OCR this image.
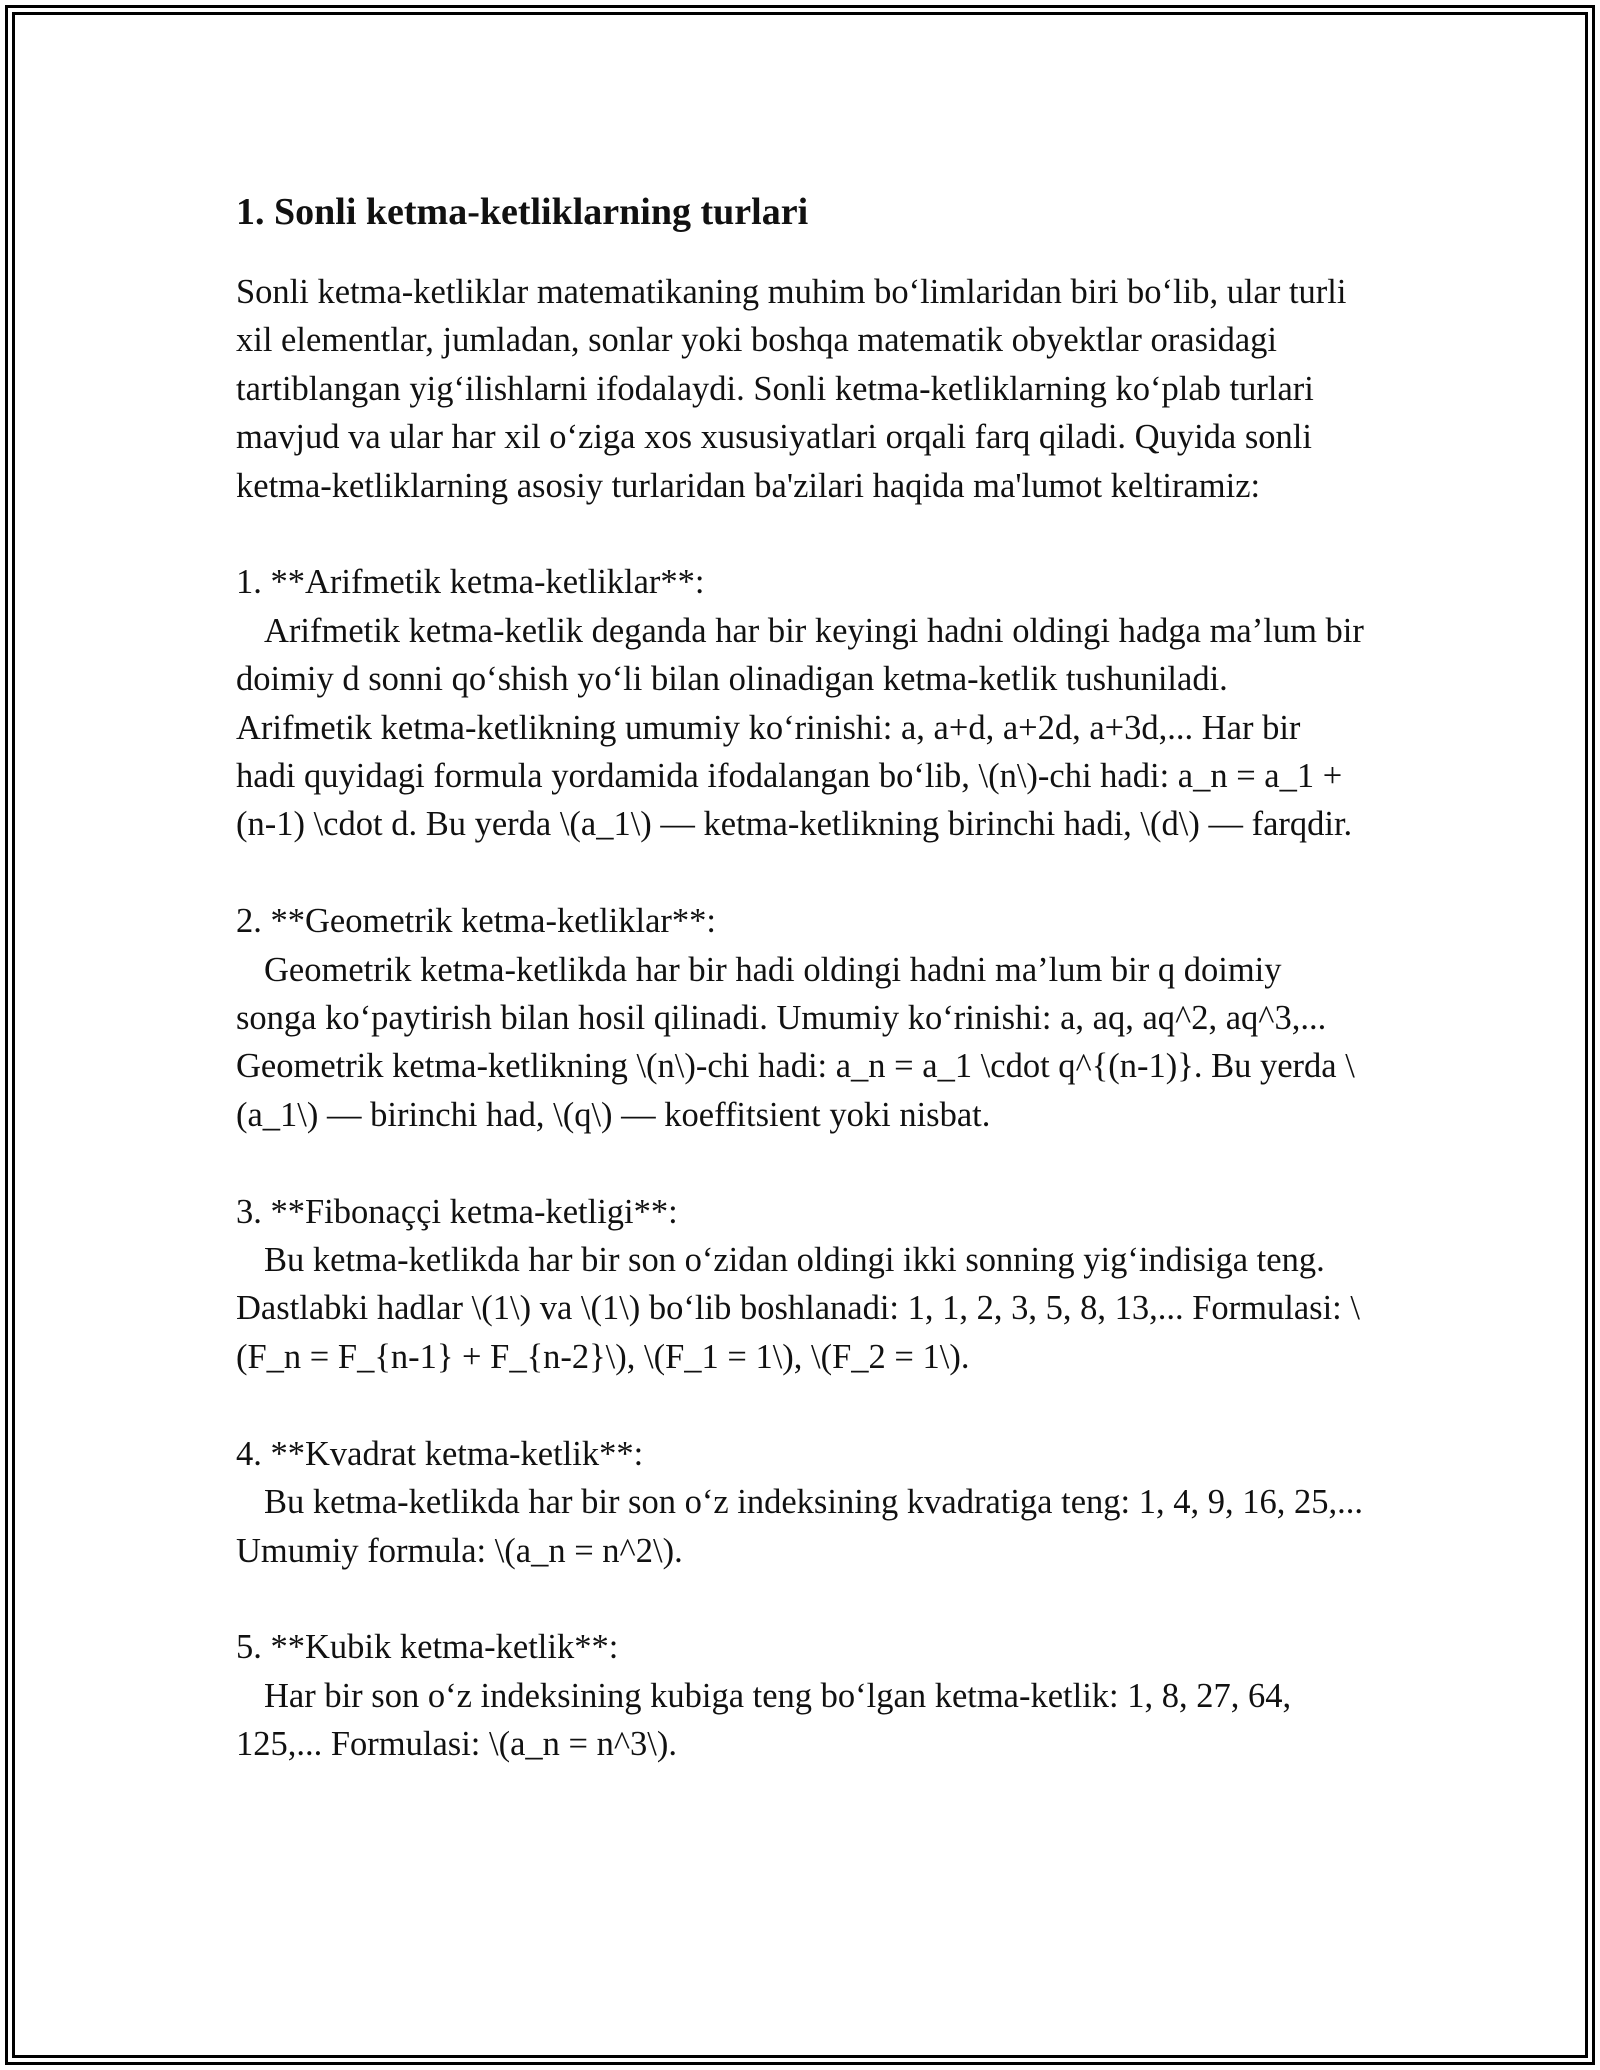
1. Sonli ketma-ketliklarning turlari

Sonli ketma-ketliklar matematikaning muhim bo‘limlaridan biri bo‘lib, ular turli xil elementlar, jumladan, sonlar yoki boshqa matematik obyektlar orasidagi tartiblangan yig‘ilishlarni ifodalaydi. Sonli ketma-ketliklarning ko‘plab turlari mavjud va ular har xil o‘ziga xos xususiyatlari orqali farq qiladi. Quyida sonli ketma-ketliklarning asosiy turlaridan ba'zilari haqida ma'lumot keltiramiz:

1. **Arifmetik ketma-ketliklar**:
Arifmetik ketma-ketlik deganda har bir keyingi hadni oldingi hadga ma’lum bir doimiy d sonni qo‘shish yo‘li bilan olinadigan ketma-ketlik tushuniladi. Arifmetik ketma-ketlikning umumiy ko‘rinishi: a, a+d, a+2d, a+3d,... Har bir hadi quyidagi formula yordamida ifodalangan bo‘lib, \(n\)-chi hadi: a_n = a_1 + (n-1) \cdot d. Bu yerda \(a_1\) — ketma-ketlikning birinchi hadi, \(d\) — farqdir.
2. **Geometrik ketma-ketliklar**:
Geometrik ketma-ketlikda har bir hadi oldingi hadni ma’lum bir q doimiy songa ko‘paytirish bilan hosil qilinadi. Umumiy ko‘rinishi: a, aq, aq^2, aq^3,... Geometrik ketma-ketlikning \(n\)-chi hadi: a_n = a_1 \cdot q^{(n-1)}. Bu yerda \(a_1\) — birinchi had, \(q\) — koeffitsient yoki nisbat.
3. **Fibonaççi ketma-ketligi**:
Bu ketma-ketlikda har bir son o‘zidan oldingi ikki sonning yig‘indisiga teng. Dastlabki hadlar \(1\) va \(1\) bo‘lib boshlanadi: 1, 1, 2, 3, 5, 8, 13,... Formulasi: \(F_n = F_{n-1} + F_{n-2}\), \(F_1 = 1\), \(F_2 = 1\).
4. **Kvadrat ketma-ketlik**:
Bu ketma-ketlikda har bir son o‘z indeksining kvadratiga teng: 1, 4, 9, 16, 25,... Umumiy formula: \(a_n = n^2\).
5. **Kubik ketma-ketlik**:
Har bir son o‘z indeksining kubiga teng bo‘lgan ketma-ketlik: 1, 8, 27, 64, 125,... Formulasi: \(a_n = n^3\).
